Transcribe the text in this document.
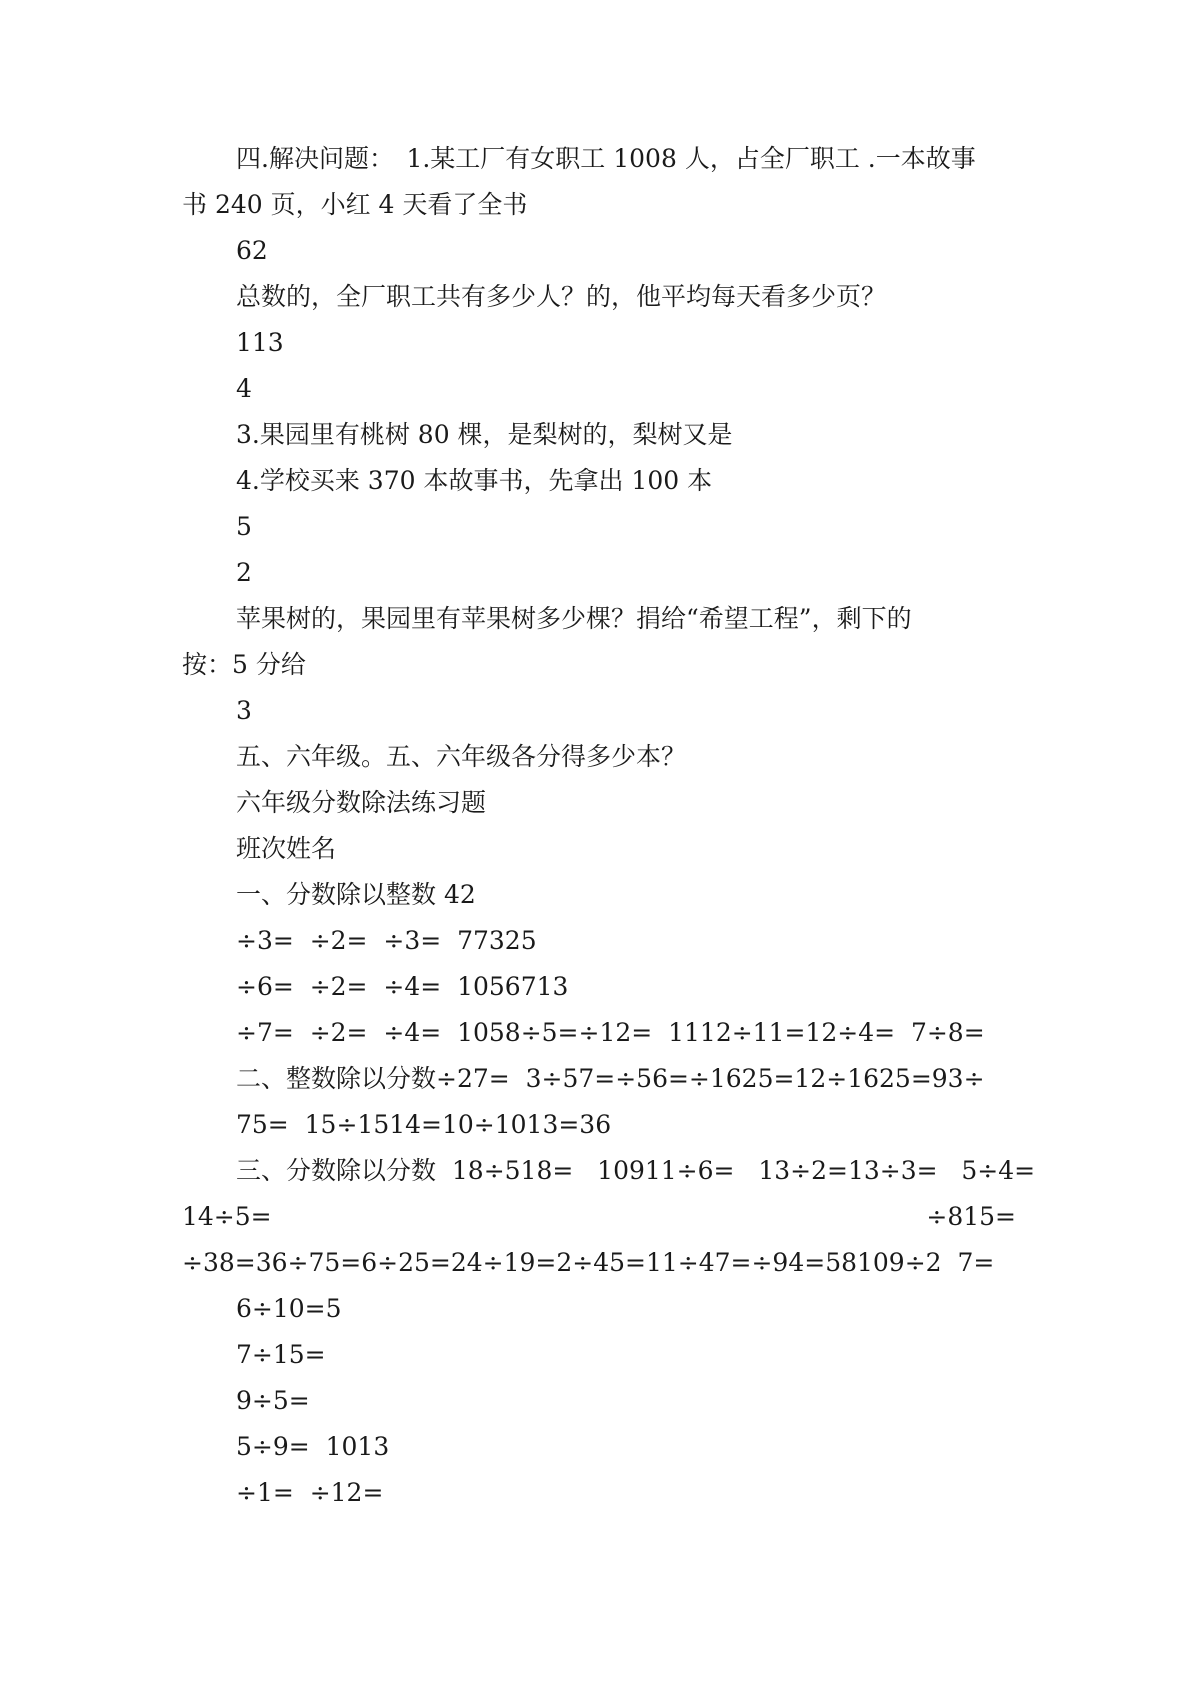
四.解决问题：　1.某工厂有女职工 1008 人，占全厂职工 .一本故事
书 240 页，小红 4 天看了全书
62
总数的，全厂职工共有多少人？的，他平均每天看多少页？
113
4
3.果园里有桃树 80 棵，是梨树的，梨树又是
4.学校买来 370 本故事书，先拿出 100 本
5
2
苹果树的，果园里有苹果树多少棵？捐给“希望工程”，剩下的
按：5 分给
3
五、六年级。五、六年级各分得多少本？
六年级分数除法练习题
班次姓名
一、分数除以整数 42
÷3=  ÷2=  ÷3=  77325
÷6=  ÷2=  ÷4=  1056713
÷7=  ÷2=  ÷4=  1058÷5=÷12=  1112÷11=12÷4=  7÷8=
二、整数除以分数÷27=  3÷57=÷56=÷1625=12÷1625=93÷
75=  15÷1514=10÷1013=36
三、分数除以分数  18÷518=   10911÷6=   13÷2=13÷3=   5÷4=
14÷5=	÷815=
÷38=36÷75=6÷25=24÷19=2÷45=11÷47=÷94=58109÷2  7=
6÷10=5
7÷15=
9÷5=
5÷9=  1013
÷1=  ÷12=
